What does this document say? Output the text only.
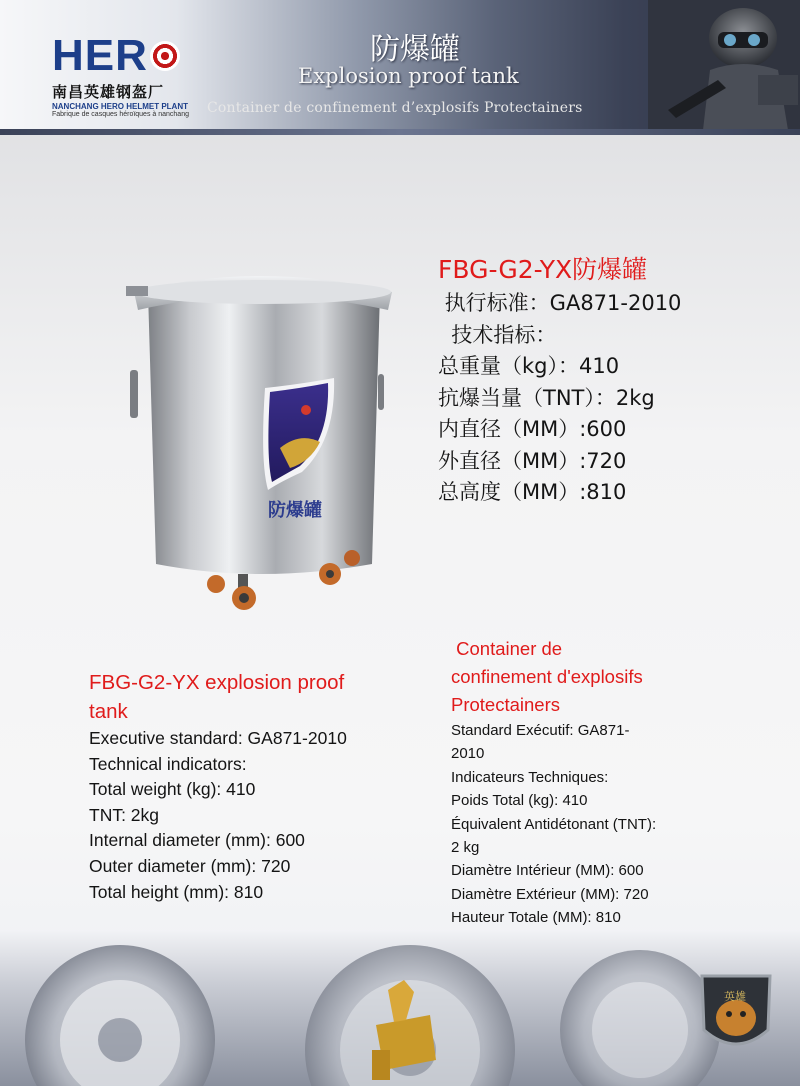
HER
南昌英雄钢盔厂
NANCHANG HERO HELMET PLANT
Fabrique de casques héroïques à nanchang
防爆罐
Explosion proof tank
Container de confinement d’explosifs Protectainers
防爆罐
FBG-G2-YX防爆罐
执行标准：GA871-2010
技术指标：
总重量（kg）：410
抗爆当量（TNT）：2kg
内直径（MM）:600
外直径（MM）:720
总高度（MM）:810
FBG-G2-YX explosion proof
tank
Executive standard: GA871-2010
Technical indicators:
Total weight (kg): 410
TNT: 2kg
Internal diameter (mm): 600
Outer diameter (mm): 720
Total height (mm): 810
Container de
confinement d'explosifs
Protectainers
Standard Exécutif: GA871-
2010
Indicateurs Techniques:
Poids Total (kg): 410
Équivalent Antidétonant (TNT):
2 kg
Diamètre Intérieur (MM): 600
Diamètre Extérieur (MM): 720
Hauteur Totale (MM): 810
英雄
